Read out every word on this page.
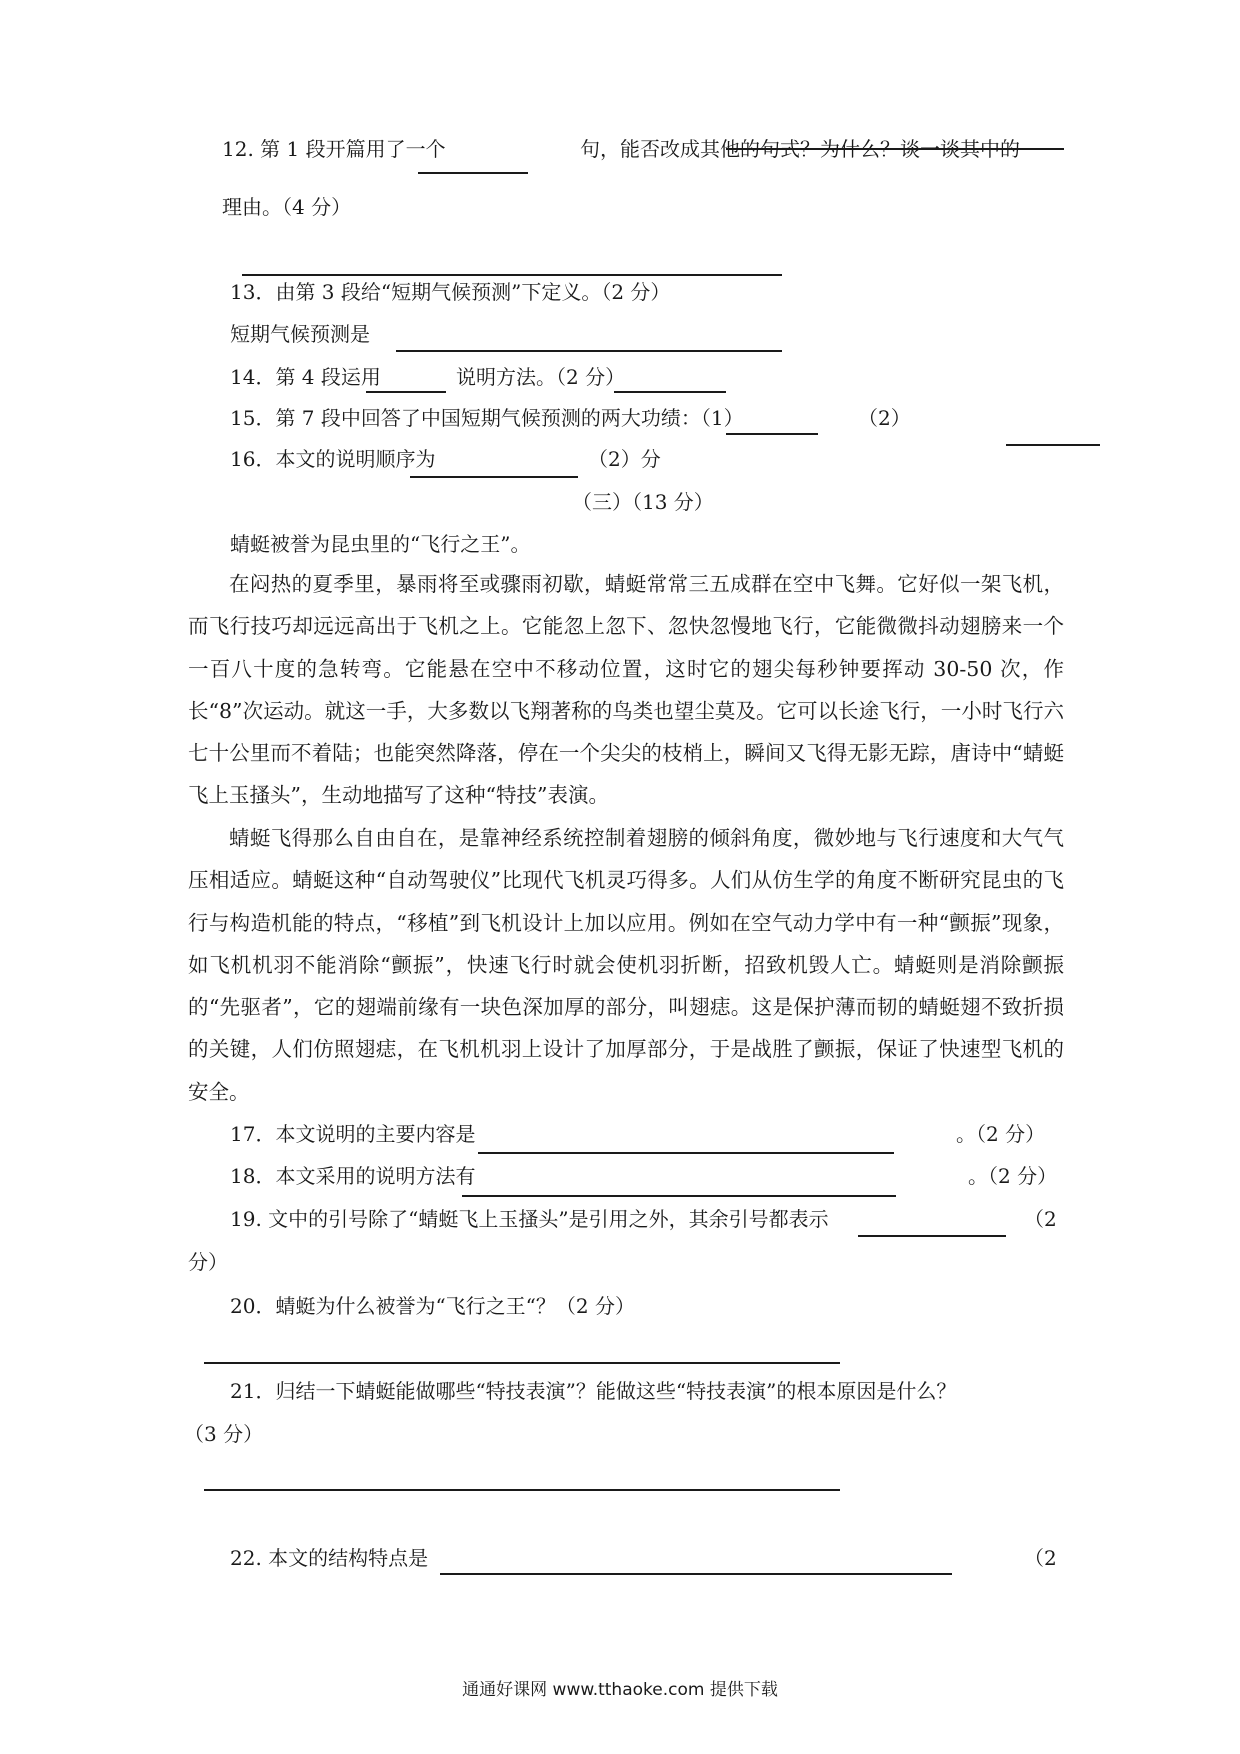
12. 第 1 段开篇用了一个	句，能否改成其他的句式？为什么？谈一谈其中的
理由。（4 分）
13．由第 3 段给“短期气候预测”下定义。（2 分）
短期气候预测是
14．第 4 段运用	说明方法。（2 分）
15．第 7 段中回答了中国短期气候预测的两大功绩：（1）	（2）
16．本文的说明顺序为	（2）分
（三）（13 分）
蜻蜓被誉为昆虫里的“飞行之王”。
在闷热的夏季里，暴雨将至或骤雨初歇，蜻蜓常常三五成群在空中飞舞。它好似一架飞机，而飞行技巧却远远高出于飞机之上。它能忽上忽下、忽快忽慢地飞行，它能微微抖动翅膀来一个一百八十度的急转弯。它能悬在空中不移动位置，这时它的翅尖每秒钟要挥动 30-50 次，作长“8”次运动。就这一手，大多数以飞翔著称的鸟类也望尘莫及。它可以长途飞行，一小时飞行六七十公里而不着陆；也能突然降落，停在一个尖尖的枝梢上，瞬间又飞得无影无踪，唐诗中“蜻蜓飞上玉搔头”，生动地描写了这种“特技”表演。
蜻蜓飞得那么自由自在，是靠神经系统控制着翅膀的倾斜角度，微妙地与飞行速度和大气气压相适应。蜻蜓这种“自动驾驶仪”比现代飞机灵巧得多。人们从仿生学的角度不断研究昆虫的飞行与构造机能的特点，“移植”到飞机设计上加以应用。例如在空气动力学中有一种“颤振”现象，如飞机机羽不能消除“颤振”，快速飞行时就会使机羽折断，招致机毁人亡。蜻蜓则是消除颤振的“先驱者”，它的翅端前缘有一块色深加厚的部分，叫翅痣。这是保护薄而韧的蜻蜓翅不致折损的关键，人们仿照翅痣，在飞机机羽上设计了加厚部分，于是战胜了颤振，保证了快速型飞机的安全。
17．本文说明的主要内容是	。（2 分）
18．本文采用的说明方法有	。（2 分）
19. 文中的引号除了“蜻蜓飞上玉搔头”是引用之外，其余引号都表示	（2
分）
20．蜻蜓为什么被誉为“飞行之王“？（2 分）
21．归结一下蜻蜓能做哪些“特技表演”？能做这些“特技表演”的根本原因是什么？
（3 分）
22. 本文的结构特点是	（2
通通好课网 www.tthaoke.com 提供下载
